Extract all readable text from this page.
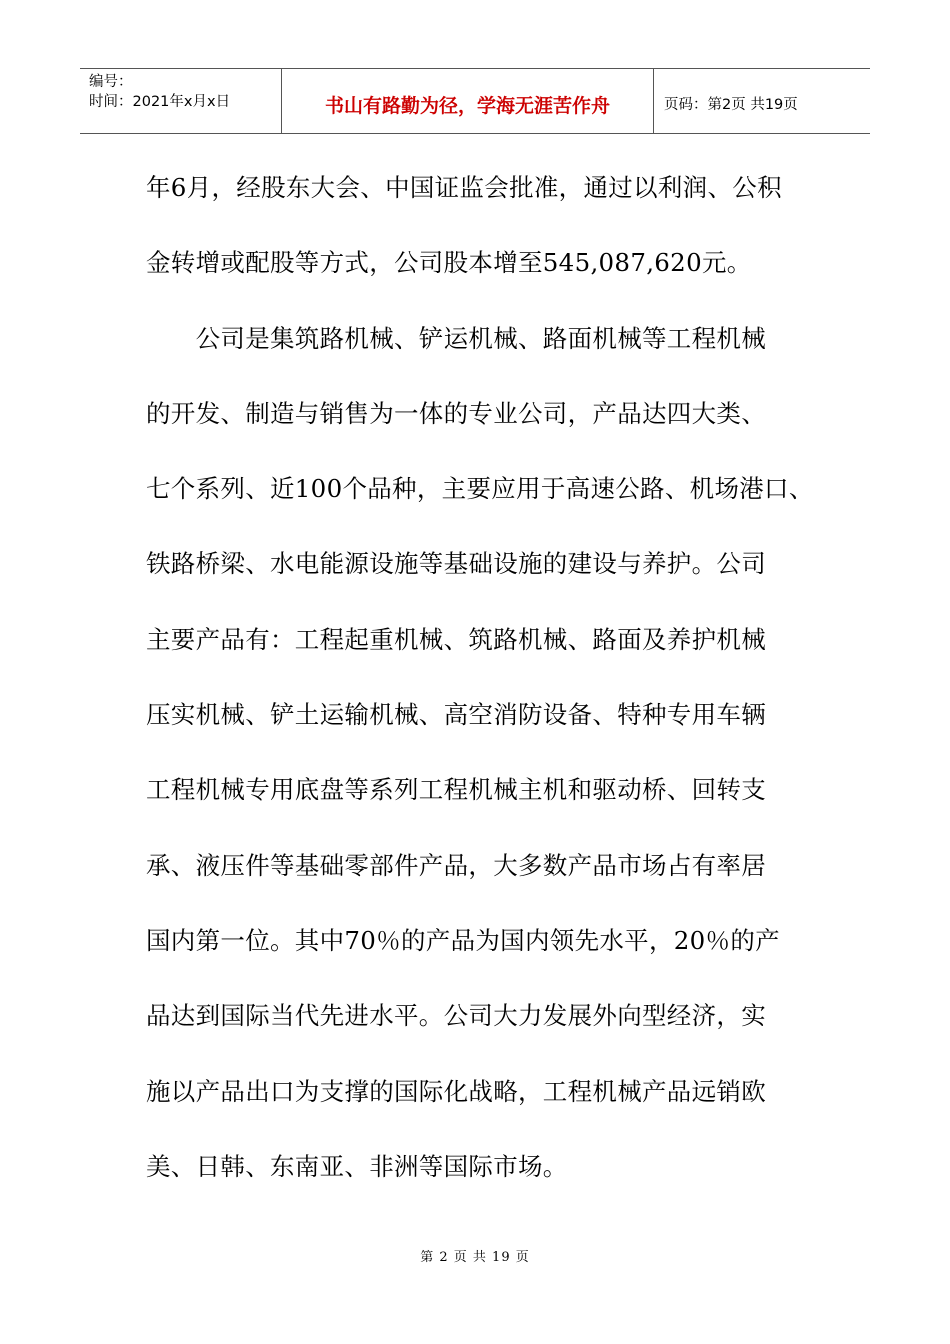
编号：
时间：2021年x月x日	书山有路勤为径，学海无涯苦作舟	页码：第2页 共19页
年6月，经股东大会、中国证监会批准，通过以利润、公积
金转增或配股等方式，公司股本增至545,087,620元。
　　公司是集筑路机械、铲运机械、路面机械等工程机械
的开发、制造与销售为一体的专业公司，产品达四大类、
七个系列、近100个品种，主要应用于高速公路、机场港口、
铁路桥梁、水电能源设施等基础设施的建设与养护。公司
主要产品有：工程起重机械、筑路机械、路面及养护机械
压实机械、铲土运输机械、高空消防设备、特种专用车辆
工程机械专用底盘等系列工程机械主机和驱动桥、回转支
承、液压件等基础零部件产品，大多数产品市场占有率居
国内第一位。其中70％的产品为国内领先水平，20％的产
品达到国际当代先进水平。公司大力发展外向型经济，实
施以产品出口为支撑的国际化战略，工程机械产品远销欧
美、日韩、东南亚、非洲等国际市场。
第 2 页 共 19 页
